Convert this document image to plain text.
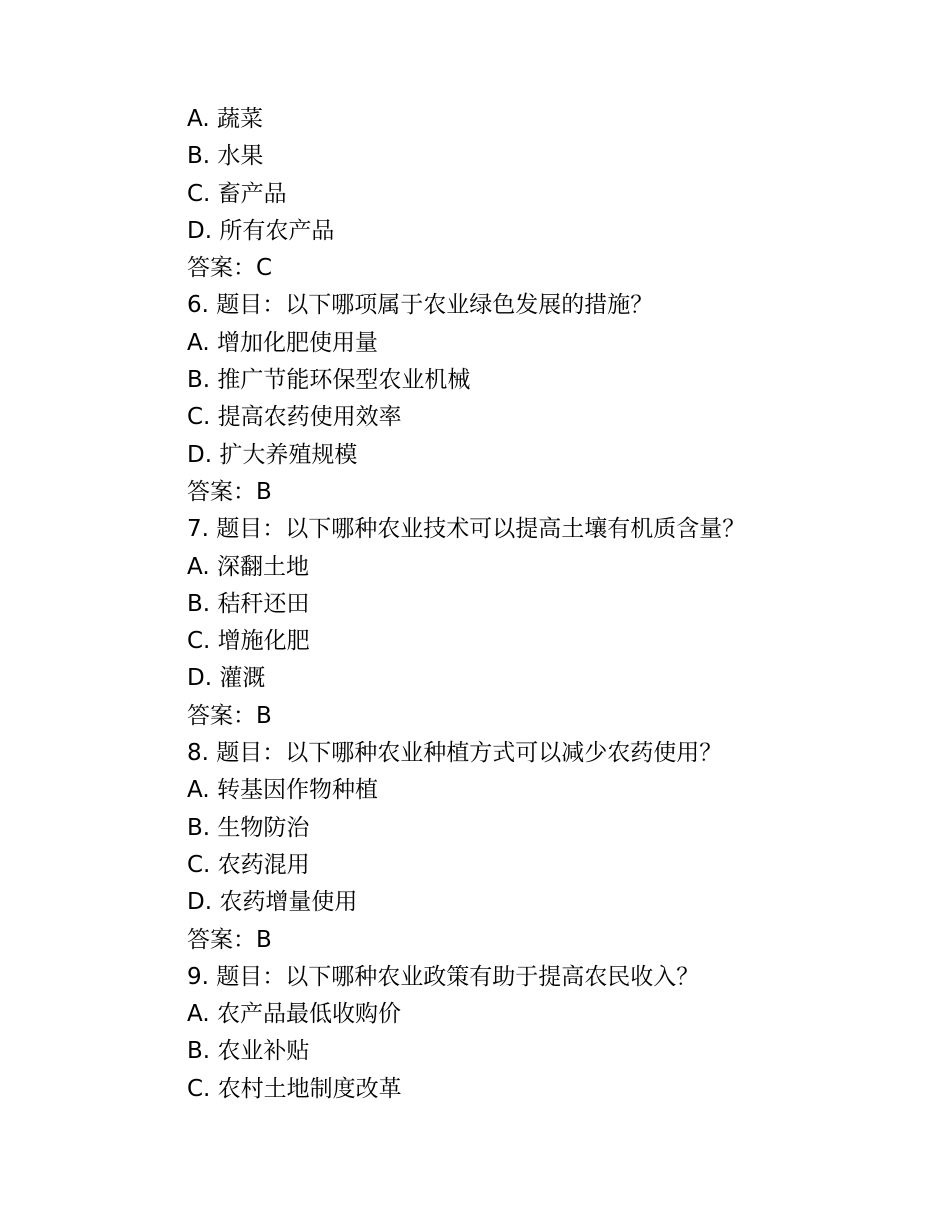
A. 蔬菜
B. 水果
C. 畜产品
D. 所有农产品
答案：C
6. 题目：以下哪项属于农业绿色发展的措施？
A. 增加化肥使用量
B. 推广节能环保型农业机械
C. 提高农药使用效率
D. 扩大养殖规模
答案：B
7. 题目：以下哪种农业技术可以提高土壤有机质含量？
A. 深翻土地
B. 秸秆还田
C. 增施化肥
D. 灌溉
答案：B
8. 题目：以下哪种农业种植方式可以减少农药使用？
A. 转基因作物种植
B. 生物防治
C. 农药混用
D. 农药增量使用
答案：B
9. 题目：以下哪种农业政策有助于提高农民收入？
A. 农产品最低收购价
B. 农业补贴
C. 农村土地制度改革
